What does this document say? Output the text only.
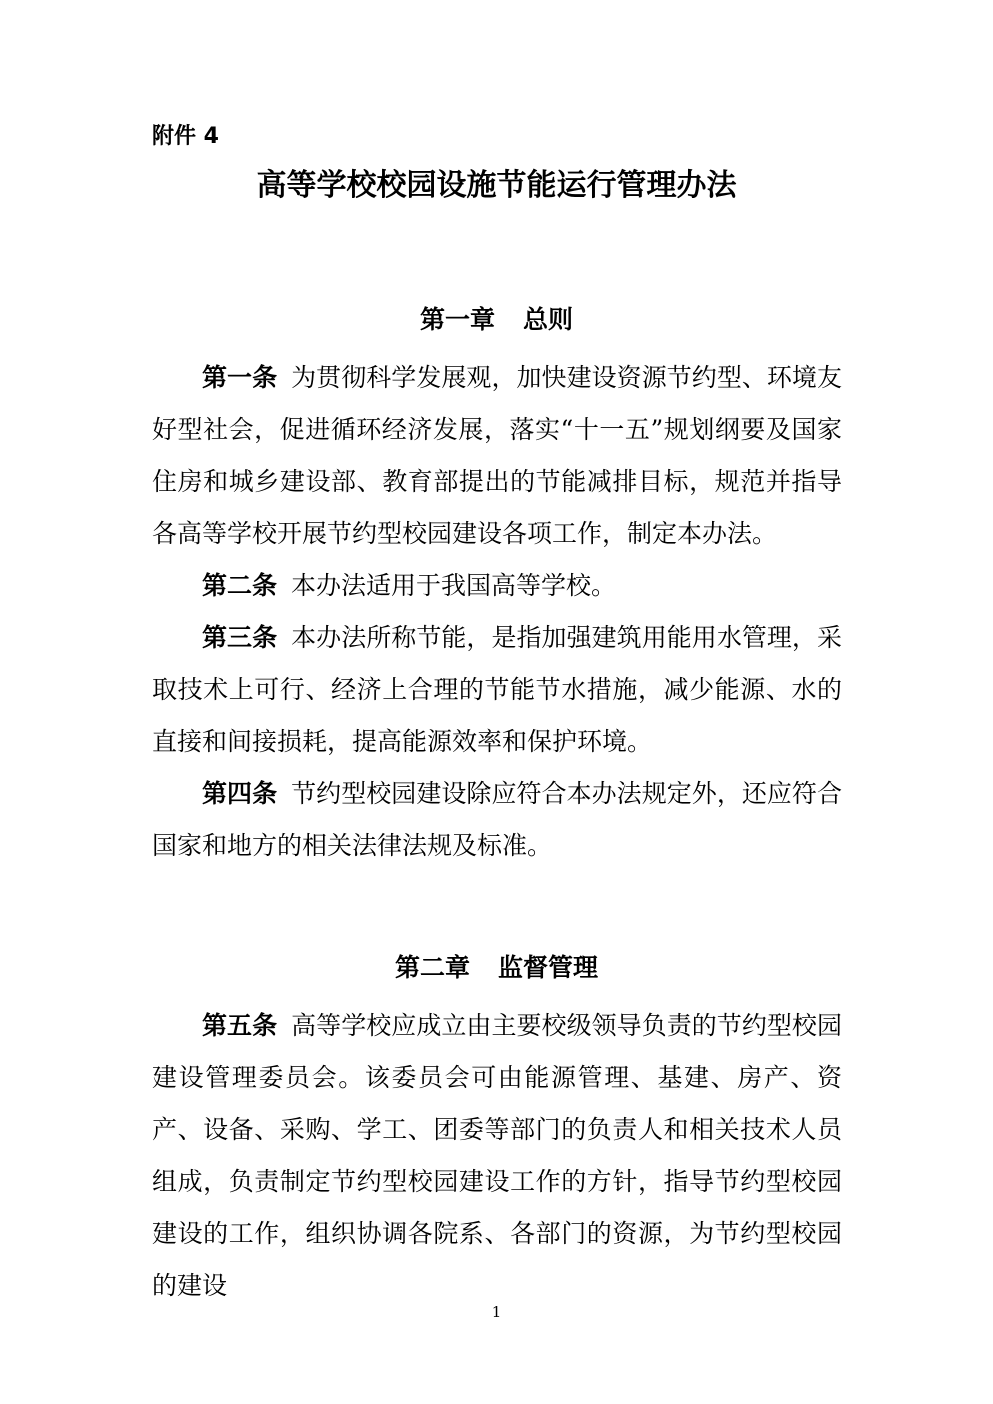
附件 4
高等学校校园设施节能运行管理办法
第一章 总则

第一条 为贯彻科学发展观，加快建设资源节约型、环境友好型社会，促进循环经济发展，落实“十一五”规划纲要及国家住房和城乡建设部、教育部提出的节能减排目标，规范并指导各高等学校开展节约型校园建设各项工作，制定本办法。

第二条 本办法适用于我国高等学校。

第三条 本办法所称节能，是指加强建筑用能用水管理，采取技术上可行、经济上合理的节能节水措施，减少能源、水的直接和间接损耗，提高能源效率和保护环境。

第四条 节约型校园建设除应符合本办法规定外，还应符合国家和地方的相关法律法规及标准。

第二章 监督管理

第五条 高等学校应成立由主要校级领导负责的节约型校园建设管理委员会。该委员会可由能源管理、基建、房产、资产、设备、采购、学工、团委等部门的负责人和相关技术人员组成，负责制定节约型校园建设工作的方针，指导节约型校园建设的工作，组织协调各院系、各部门的资源，为节约型校园的建设

1
